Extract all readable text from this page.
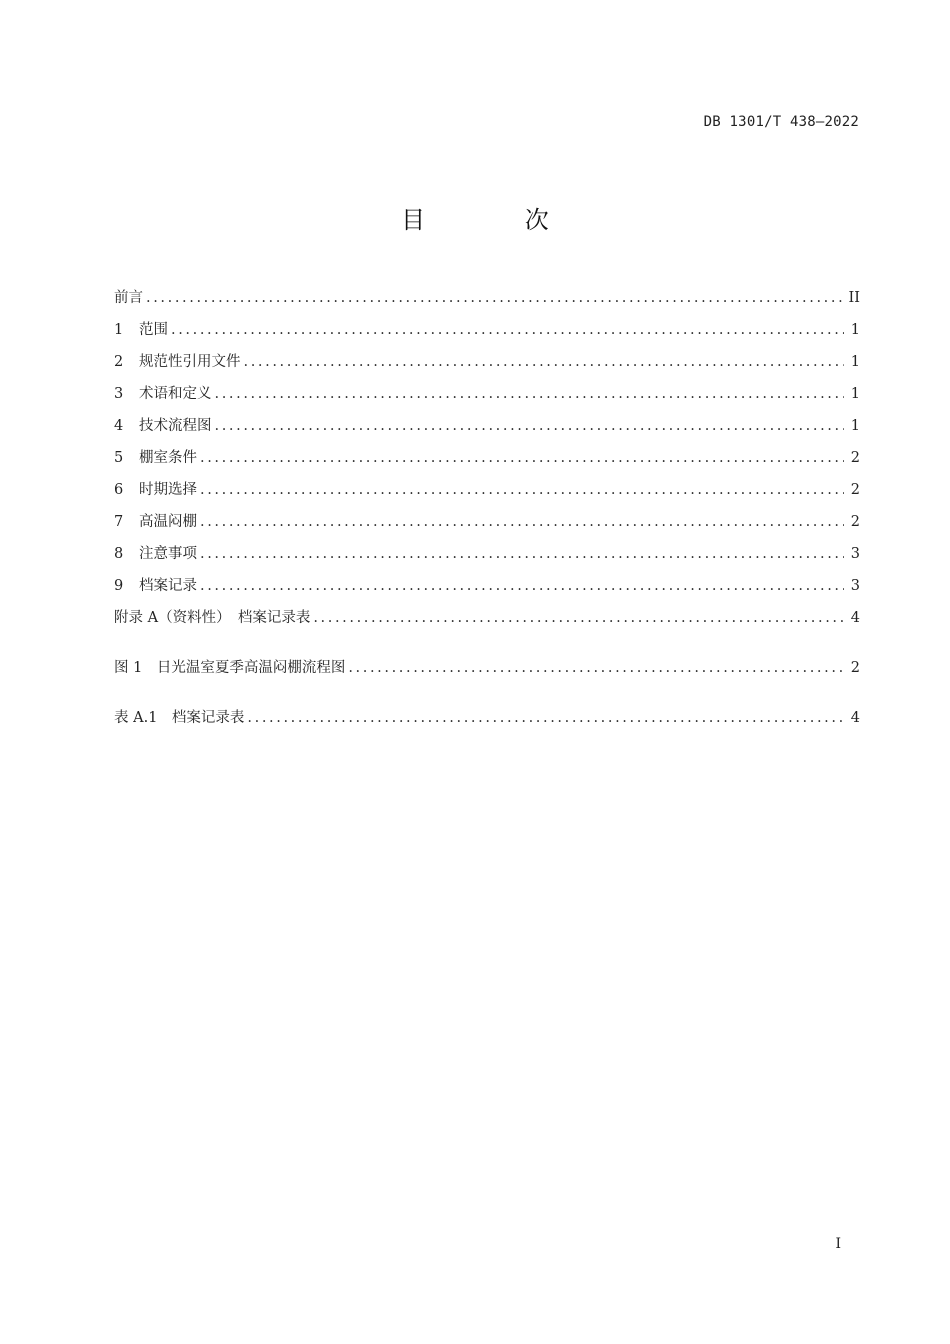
DB 1301/T 438—2022
目 次
前言 .....	II
1	范围 .....	1
2	规范性引用文件 .....	1
3	术语和定义 .....	1
4	技术流程图 .....	1
5	棚室条件 .....	2
6	时期选择 .....	2
7	高温闷棚 .....	2
8	注意事项 .....	3
9	档案记录 .....	3
附录 A（资料性）　档案记录表 .....	4
图 1　日光温室夏季高温闷棚流程图 .....	2
表 A.1　档案记录表 .....	4
I
